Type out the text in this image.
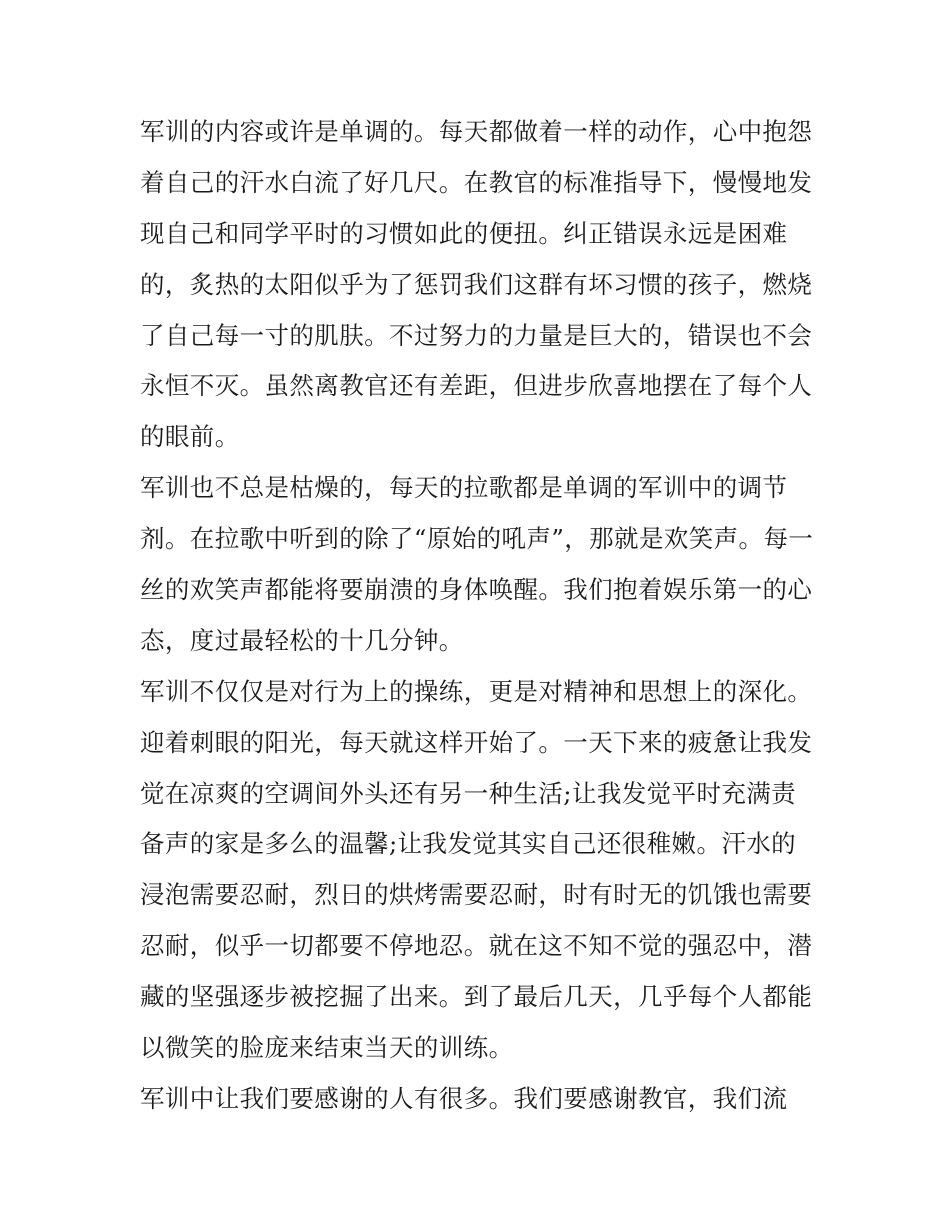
军训的内容或许是单调的。每天都做着一样的动作，心中抱怨
着自己的汗水白流了好几尺。在教官的标准指导下，慢慢地发
现自己和同学平时的习惯如此的便扭。纠正错误永远是困难
的，炙热的太阳似乎为了惩罚我们这群有坏习惯的孩子，燃烧
了自己每一寸的肌肤。不过努力的力量是巨大的，错误也不会
永恒不灭。虽然离教官还有差距，但进步欣喜地摆在了每个人
的眼前。
军训也不总是枯燥的，每天的拉歌都是单调的军训中的调节
剂。在拉歌中听到的除了“原始的吼声”，那就是欢笑声。每一
丝的欢笑声都能将要崩溃的身体唤醒。我们抱着娱乐第一的心
态，度过最轻松的十几分钟。
军训不仅仅是对行为上的操练，更是对精神和思想上的深化。
迎着刺眼的阳光，每天就这样开始了。一天下来的疲惫让我发
觉在凉爽的空调间外头还有另一种生活;让我发觉平时充满责
备声的家是多么的温馨;让我发觉其实自己还很稚嫩。汗水的
浸泡需要忍耐，烈日的烘烤需要忍耐，时有时无的饥饿也需要
忍耐，似乎一切都要不停地忍。就在这不知不觉的强忍中，潜
藏的坚强逐步被挖掘了出来。到了最后几天，几乎每个人都能
以微笑的脸庞来结束当天的训练。
军训中让我们要感谢的人有很多。我们要感谢教官，我们流
